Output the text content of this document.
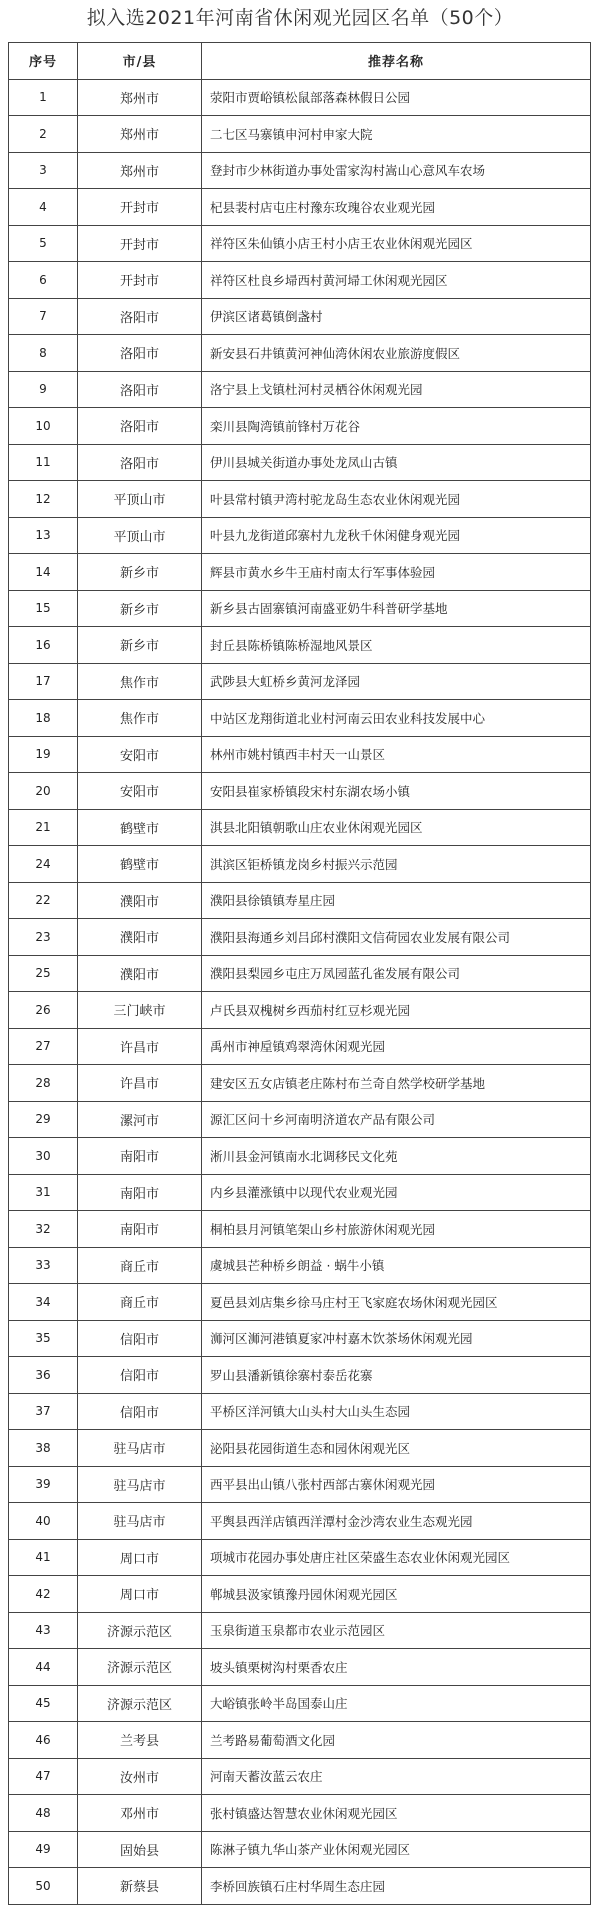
拟入选2021年河南省休闲观光园区名单（50个）
序号	市/县	推荐名称
1	郑州市	荥阳市贾峪镇松鼠部落森林假日公园
2	郑州市	二七区马寨镇申河村申家大院
3	郑州市	登封市少林街道办事处雷家沟村嵩山心意风车农场
4	开封市	杞县裴村店屯庄村豫东玫瑰谷农业观光园
5	开封市	祥符区朱仙镇小店王村小店王农业休闲观光园区
6	开封市	祥符区杜良乡埽西村黄河埽工休闲观光园区
7	洛阳市	伊滨区诸葛镇倒盏村
8	洛阳市	新安县石井镇黄河神仙湾休闲农业旅游度假区
9	洛阳市	洛宁县上戈镇杜河村灵栖谷休闲观光园
10	洛阳市	栾川县陶湾镇前锋村万花谷
11	洛阳市	伊川县城关街道办事处龙凤山古镇
12	平顶山市	叶县常村镇尹湾村驼龙岛生态农业休闲观光园
13	平顶山市	叶县九龙街道邱寨村九龙秋千休闲健身观光园
14	新乡市	辉县市黄水乡牛王庙村南太行军事体验园
15	新乡市	新乡县古固寨镇河南盛亚奶牛科普研学基地
16	新乡市	封丘县陈桥镇陈桥湿地风景区
17	焦作市	武陟县大虹桥乡黄河龙泽园
18	焦作市	中站区龙翔街道北业村河南云田农业科技发展中心
19	安阳市	林州市姚村镇西丰村天一山景区
20	安阳市	安阳县崔家桥镇段宋村东湖农场小镇
21	鹤壁市	淇县北阳镇朝歌山庄农业休闲观光园区
24	鹤壁市	淇滨区钜桥镇龙岗乡村振兴示范园
22	濮阳市	濮阳县徐镇镇寿星庄园
23	濮阳市	濮阳县海通乡刘吕邱村濮阳文信荷园农业发展有限公司
25	濮阳市	濮阳县梨园乡屯庄万凤园蓝孔雀发展有限公司
26	三门峡市	卢氏县双槐树乡西茄村红豆杉观光园
27	许昌市	禹州市神垕镇鸡翠湾休闲观光园
28	许昌市	建安区五女店镇老庄陈村布兰奇自然学校研学基地
29	漯河市	源汇区问十乡河南明济道农产品有限公司
30	南阳市	淅川县金河镇南水北调移民文化苑
31	南阳市	内乡县灌涨镇中以现代农业观光园
32	南阳市	桐柏县月河镇笔架山乡村旅游休闲观光园
33	商丘市	虞城县芒种桥乡朗益 · 蜗牛小镇
34	商丘市	夏邑县刘店集乡徐马庄村王飞家庭农场休闲观光园区
35	信阳市	浉河区浉河港镇夏家冲村嘉木饮茶场休闲观光园
36	信阳市	罗山县潘新镇徐寨村泰岳花寨
37	信阳市	平桥区洋河镇大山头村大山头生态园
38	驻马店市	泌阳县花园街道生态和园休闲观光区
39	驻马店市	西平县出山镇八张村西部古寨休闲观光园
40	驻马店市	平舆县西洋店镇西洋潭村金沙湾农业生态观光园
41	周口市	项城市花园办事处唐庄社区荣盛生态农业休闲观光园区
42	周口市	郸城县汲家镇豫丹园休闲观光园区
43	济源示范区	玉泉街道玉泉都市农业示范园区
44	济源示范区	坡头镇栗树沟村栗香农庄
45	济源示范区	大峪镇张岭半岛国泰山庄
46	兰考县	兰考路易葡萄酒文化园
47	汝州市	河南天蓄汝蓝云农庄
48	邓州市	张村镇盛达智慧农业休闲观光园区
49	固始县	陈淋子镇九华山茶产业休闲观光园区
50	新蔡县	李桥回族镇石庄村华周生态庄园
